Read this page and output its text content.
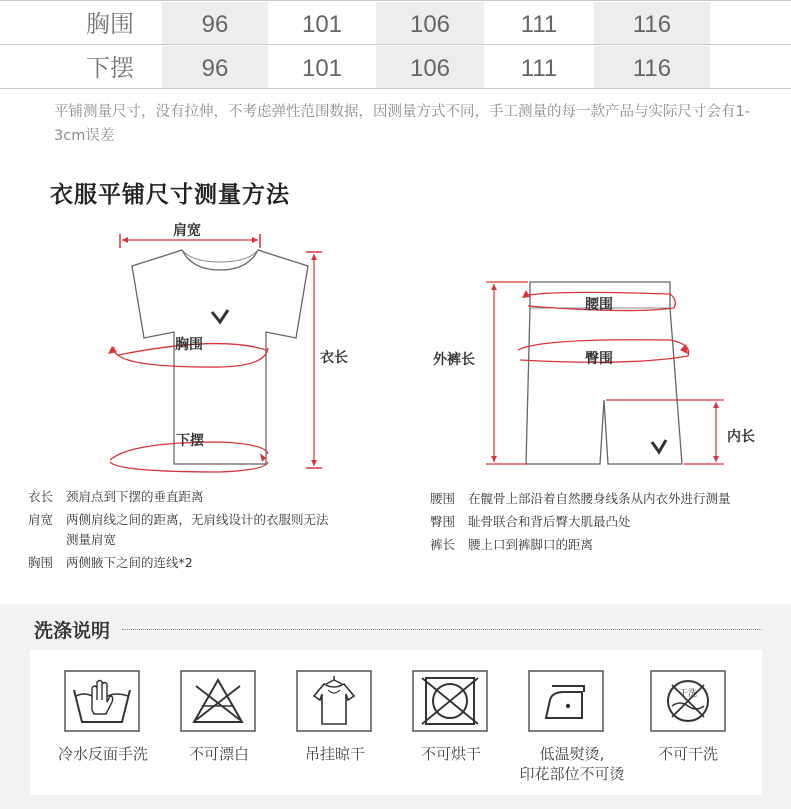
胸围	96	101	106	111	116
下摆	96	101	106	111	116
平铺测量尺寸，没有拉伸，不考虑弹性范围数据，因测量方式不同，手工测量的每一款产品与实际尺寸会有1-3cm误差
衣服平铺尺寸测量方法
肩宽
胸围
下摆
衣长
腰围
臀围
外裤长
内长
衣长 颈肩点到下摆的垂直距离
肩宽 两侧肩线之间的距离，无肩线设计的衣服则无法
测量肩宽
胸围 两侧腋下之间的连线*2
腰围 在髋骨上部沿着自然腰身线条从内衣外进行测量
臀围 耻骨联合和背后臀大肌最凸处
裤长 腰上口到裤脚口的距离
洗涤说明
干洗
冷水反面手洗	不可漂白	吊挂晾干	不可烘干	低温熨烫,
印花部位不可烫
不可干洗
